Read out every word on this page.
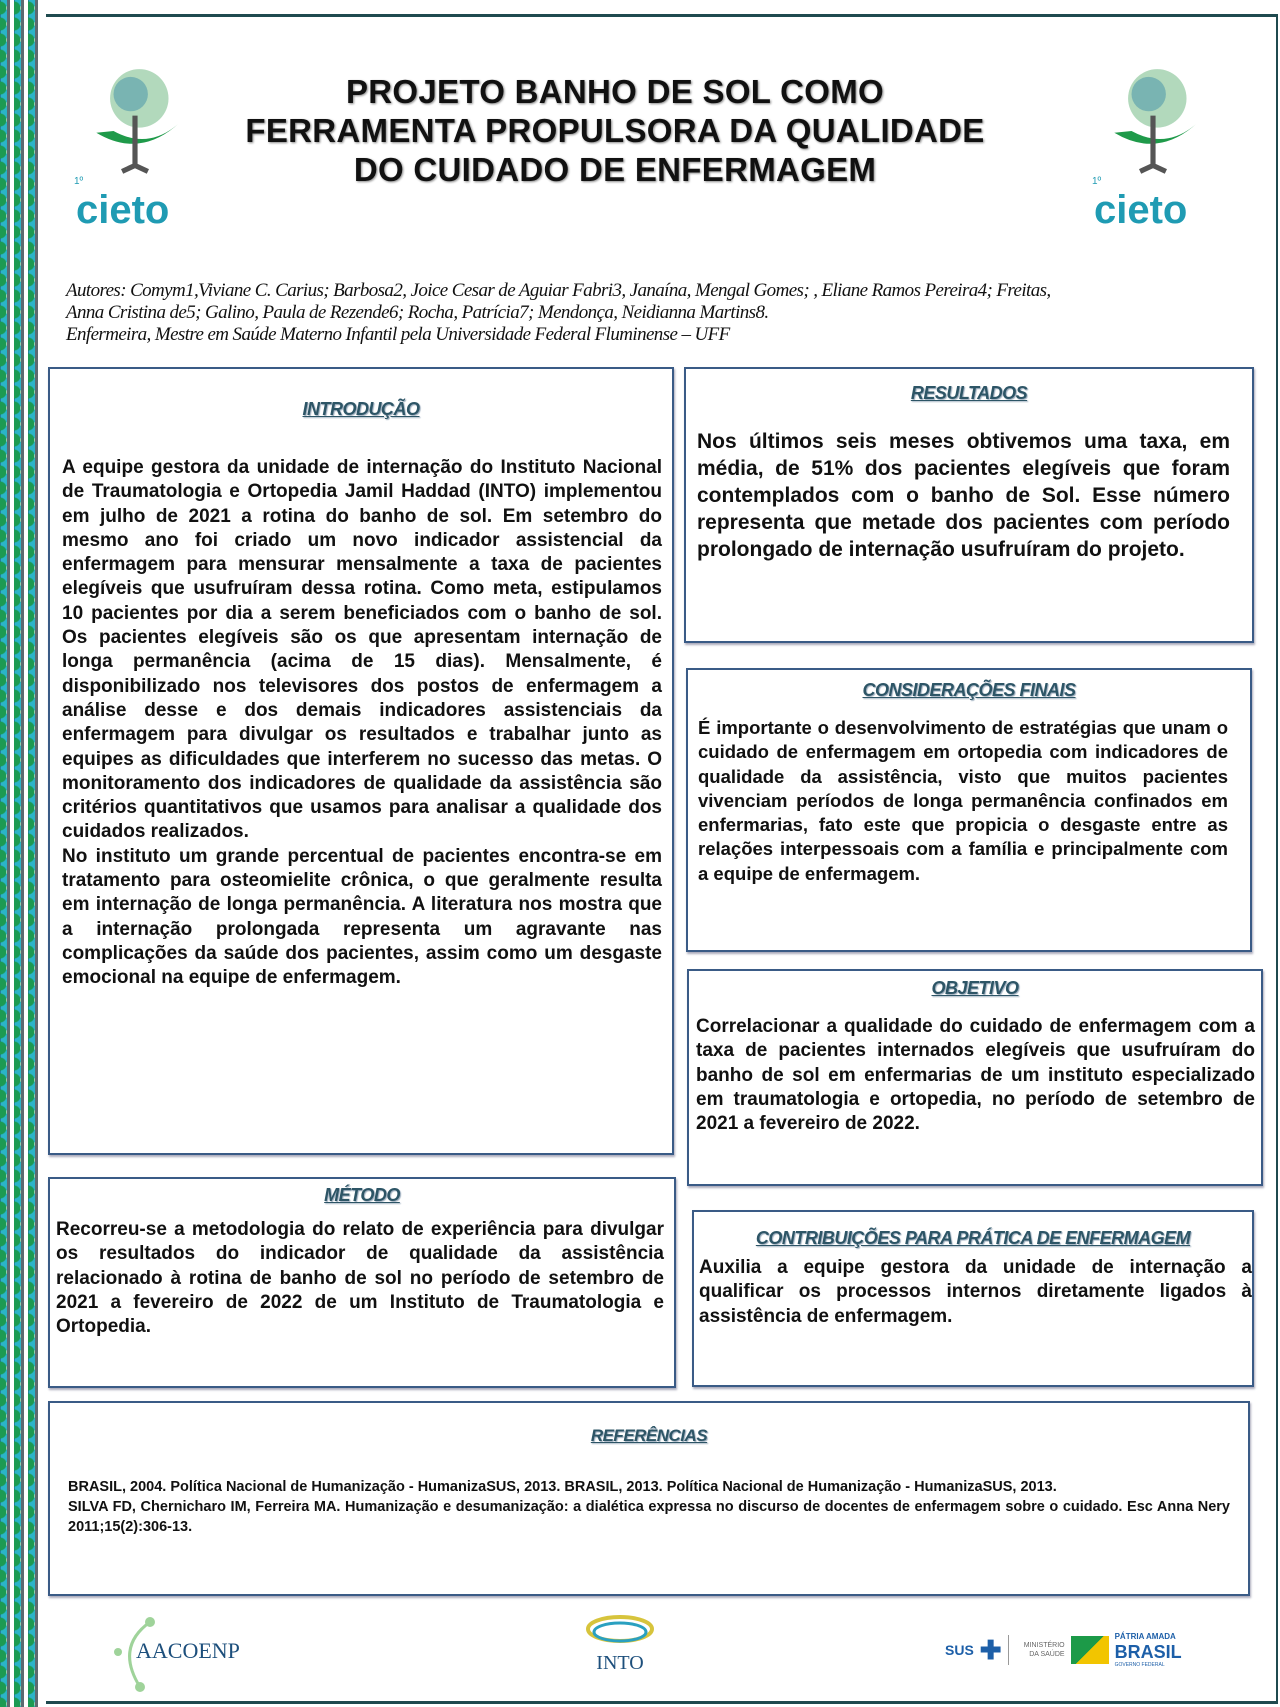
1º
cieto
1º
cieto
PROJETO BANHO DE SOL COMO FERRAMENTA PROPULSORA DA QUALIDADE DO CUIDADO DE ENFERMAGEM
Autores: Comym1,Viviane C. Carius; Barbosa2, Joice Cesar de Aguiar Fabri3, Janaína, Mengal Gomes; , Eliane Ramos Pereira4; Freitas,
Anna Cristina de5; Galino, Paula de Rezende6; Rocha, Patrícia7; Mendonça, Neidianna Martins8.
Enfermeira, Mestre em Saúde Materno Infantil pela Universidade Federal Fluminense – UFF
INTRODUÇÃO

A equipe gestora da unidade de internação do Instituto Nacional de Traumatologia e Ortopedia Jamil Haddad (INTO) implementou em julho de 2021 a rotina do banho de sol. Em setembro do mesmo ano foi criado um novo indicador assistencial da enfermagem para mensurar mensalmente a taxa de pacientes elegíveis que usufruíram dessa rotina. Como meta, estipulamos 10 pacientes por dia a serem beneficiados com o banho de sol. Os pacientes elegíveis são os que apresentam internação de longa permanência (acima de 15 dias). Mensalmente, é disponibilizado nos televisores dos postos de enfermagem a análise desse e dos demais indicadores assistenciais da enfermagem para divulgar os resultados e trabalhar junto as equipes as dificuldades que interferem no sucesso das metas. O monitoramento dos indicadores de qualidade da assistência são critérios quantitativos que usamos para analisar a qualidade dos cuidados realizados.

No instituto um grande percentual de pacientes encontra-se em tratamento para osteomielite crônica, o que geralmente resulta em internação de longa permanência. A literatura nos mostra que a internação prolongada representa um agravante nas complicações da saúde dos pacientes, assim como um desgaste emocional na equipe de enfermagem.

MÉTODO

Recorreu-se a metodologia do relato de experiência para divulgar os resultados do indicador de qualidade da assistência relacionado à rotina de banho de sol no período de setembro de 2021 a fevereiro de 2022 de um Instituto de Traumatologia e Ortopedia.

RESULTADOS

Nos últimos seis meses obtivemos uma taxa, em média, de 51% dos pacientes elegíveis que foram contemplados com o banho de Sol. Esse número representa que metade dos pacientes com período prolongado de internação usufruíram do projeto.

CONSIDERAÇÕES FINAIS

É importante o desenvolvimento de estratégias que unam o cuidado de enfermagem em ortopedia com indicadores de qualidade da assistência, visto que muitos pacientes vivenciam períodos de longa permanência confinados em enfermarias, fato este que propicia o desgaste entre as relações interpessoais com a família e principalmente com a equipe de enfermagem.

OBJETIVO

Correlacionar a qualidade do cuidado de enfermagem com a taxa de pacientes internados elegíveis que usufruíram do banho de sol em enfermarias de um instituto especializado em traumatologia e ortopedia, no período de setembro de 2021 a fevereiro de 2022.

CONTRIBUIÇÕES PARA PRÁTICA DE ENFERMAGEM

Auxilia a equipe gestora da unidade de internação a qualificar os processos internos diretamente ligados à assistência de enfermagem.

REFERÊNCIAS

BRASIL, 2004. Política Nacional de Humanização - HumanizaSUS, 2013. BRASIL, 2013. Política Nacional de Humanização - HumanizaSUS, 2013.

SILVA FD, Chernicharo IM, Ferreira MA. Humanização e desumanização: a dialética expressa no discurso de docentes de enfermagem sobre o cuidado. Esc Anna Nery 2011;15(2):306-13.

AACOENP	INTO
SUS ✚	MINISTÉRIO DA SAÚDE
PÁTRIA AMADA
BRASIL
GOVERNO FEDERAL
